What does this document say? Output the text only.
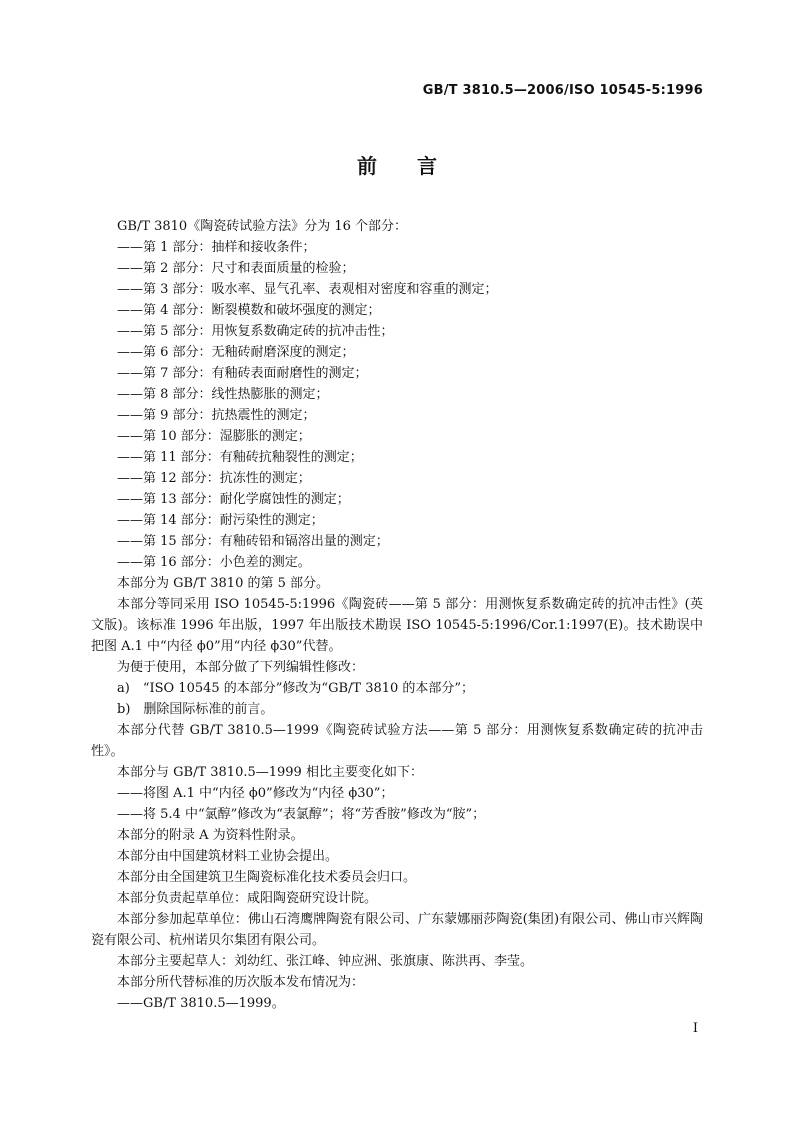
GB/T 3810.5—2006/ISO 10545-5:1996
前言
GB/T 3810《陶瓷砖试验方法》分为 16 个部分：
——第 1 部分：抽样和接收条件；
——第 2 部分：尺寸和表面质量的检验；
——第 3 部分：吸水率、显气孔率、表观相对密度和容重的测定；
——第 4 部分：断裂模数和破坏强度的测定；
——第 5 部分：用恢复系数确定砖的抗冲击性；
——第 6 部分：无釉砖耐磨深度的测定；
——第 7 部分：有釉砖表面耐磨性的测定；
——第 8 部分：线性热膨胀的测定；
——第 9 部分：抗热震性的测定；
——第 10 部分：湿膨胀的测定；
——第 11 部分：有釉砖抗釉裂性的测定；
——第 12 部分：抗冻性的测定；
——第 13 部分：耐化学腐蚀性的测定；
——第 14 部分：耐污染性的测定；
——第 15 部分：有釉砖铅和镉溶出量的测定；
——第 16 部分：小色差的测定。
本部分为 GB/T 3810 的第 5 部分。

本部分等同采用 ISO 10545-5:1996《陶瓷砖——第 5 部分：用测恢复系数确定砖的抗冲击性》(英文版)。该标准 1996 年出版，1997 年出版技术勘误 ISO 10545-5:1996/Cor.1:1997(E)。技术勘误中把图 A.1 中“内径 ϕ0”用“内径 ϕ30”代替。

为便于使用，本部分做了下列编辑性修改：
a)　“ISO 10545 的本部分”修改为“GB/T 3810 的本部分”；
b)　删除国际标准的前言。

本部分代替 GB/T 3810.5—1999《陶瓷砖试验方法——第 5 部分：用测恢复系数确定砖的抗冲击性》。

本部分与 GB/T 3810.5—1999 相比主要变化如下：
——将图 A.1 中“内径 ϕ0”修改为“内径 ϕ30”；
——将 5.4 中“氯醇”修改为“表氯醇”；将“芳香胺”修改为“胺”；
本部分的附录 A 为资料性附录。
本部分由中国建筑材料工业协会提出。
本部分由全国建筑卫生陶瓷标准化技术委员会归口。
本部分负责起草单位：咸阳陶瓷研究设计院。

本部分参加起草单位：佛山石湾鹰牌陶瓷有限公司、广东蒙娜丽莎陶瓷(集团)有限公司、佛山市兴辉陶瓷有限公司、杭州诺贝尔集团有限公司。

本部分主要起草人：刘幼红、张江峰、钟应洲、张旗康、陈洪再、李莹。
本部分所代替标准的历次版本发布情况为：
——GB/T 3810.5—1999。
I
